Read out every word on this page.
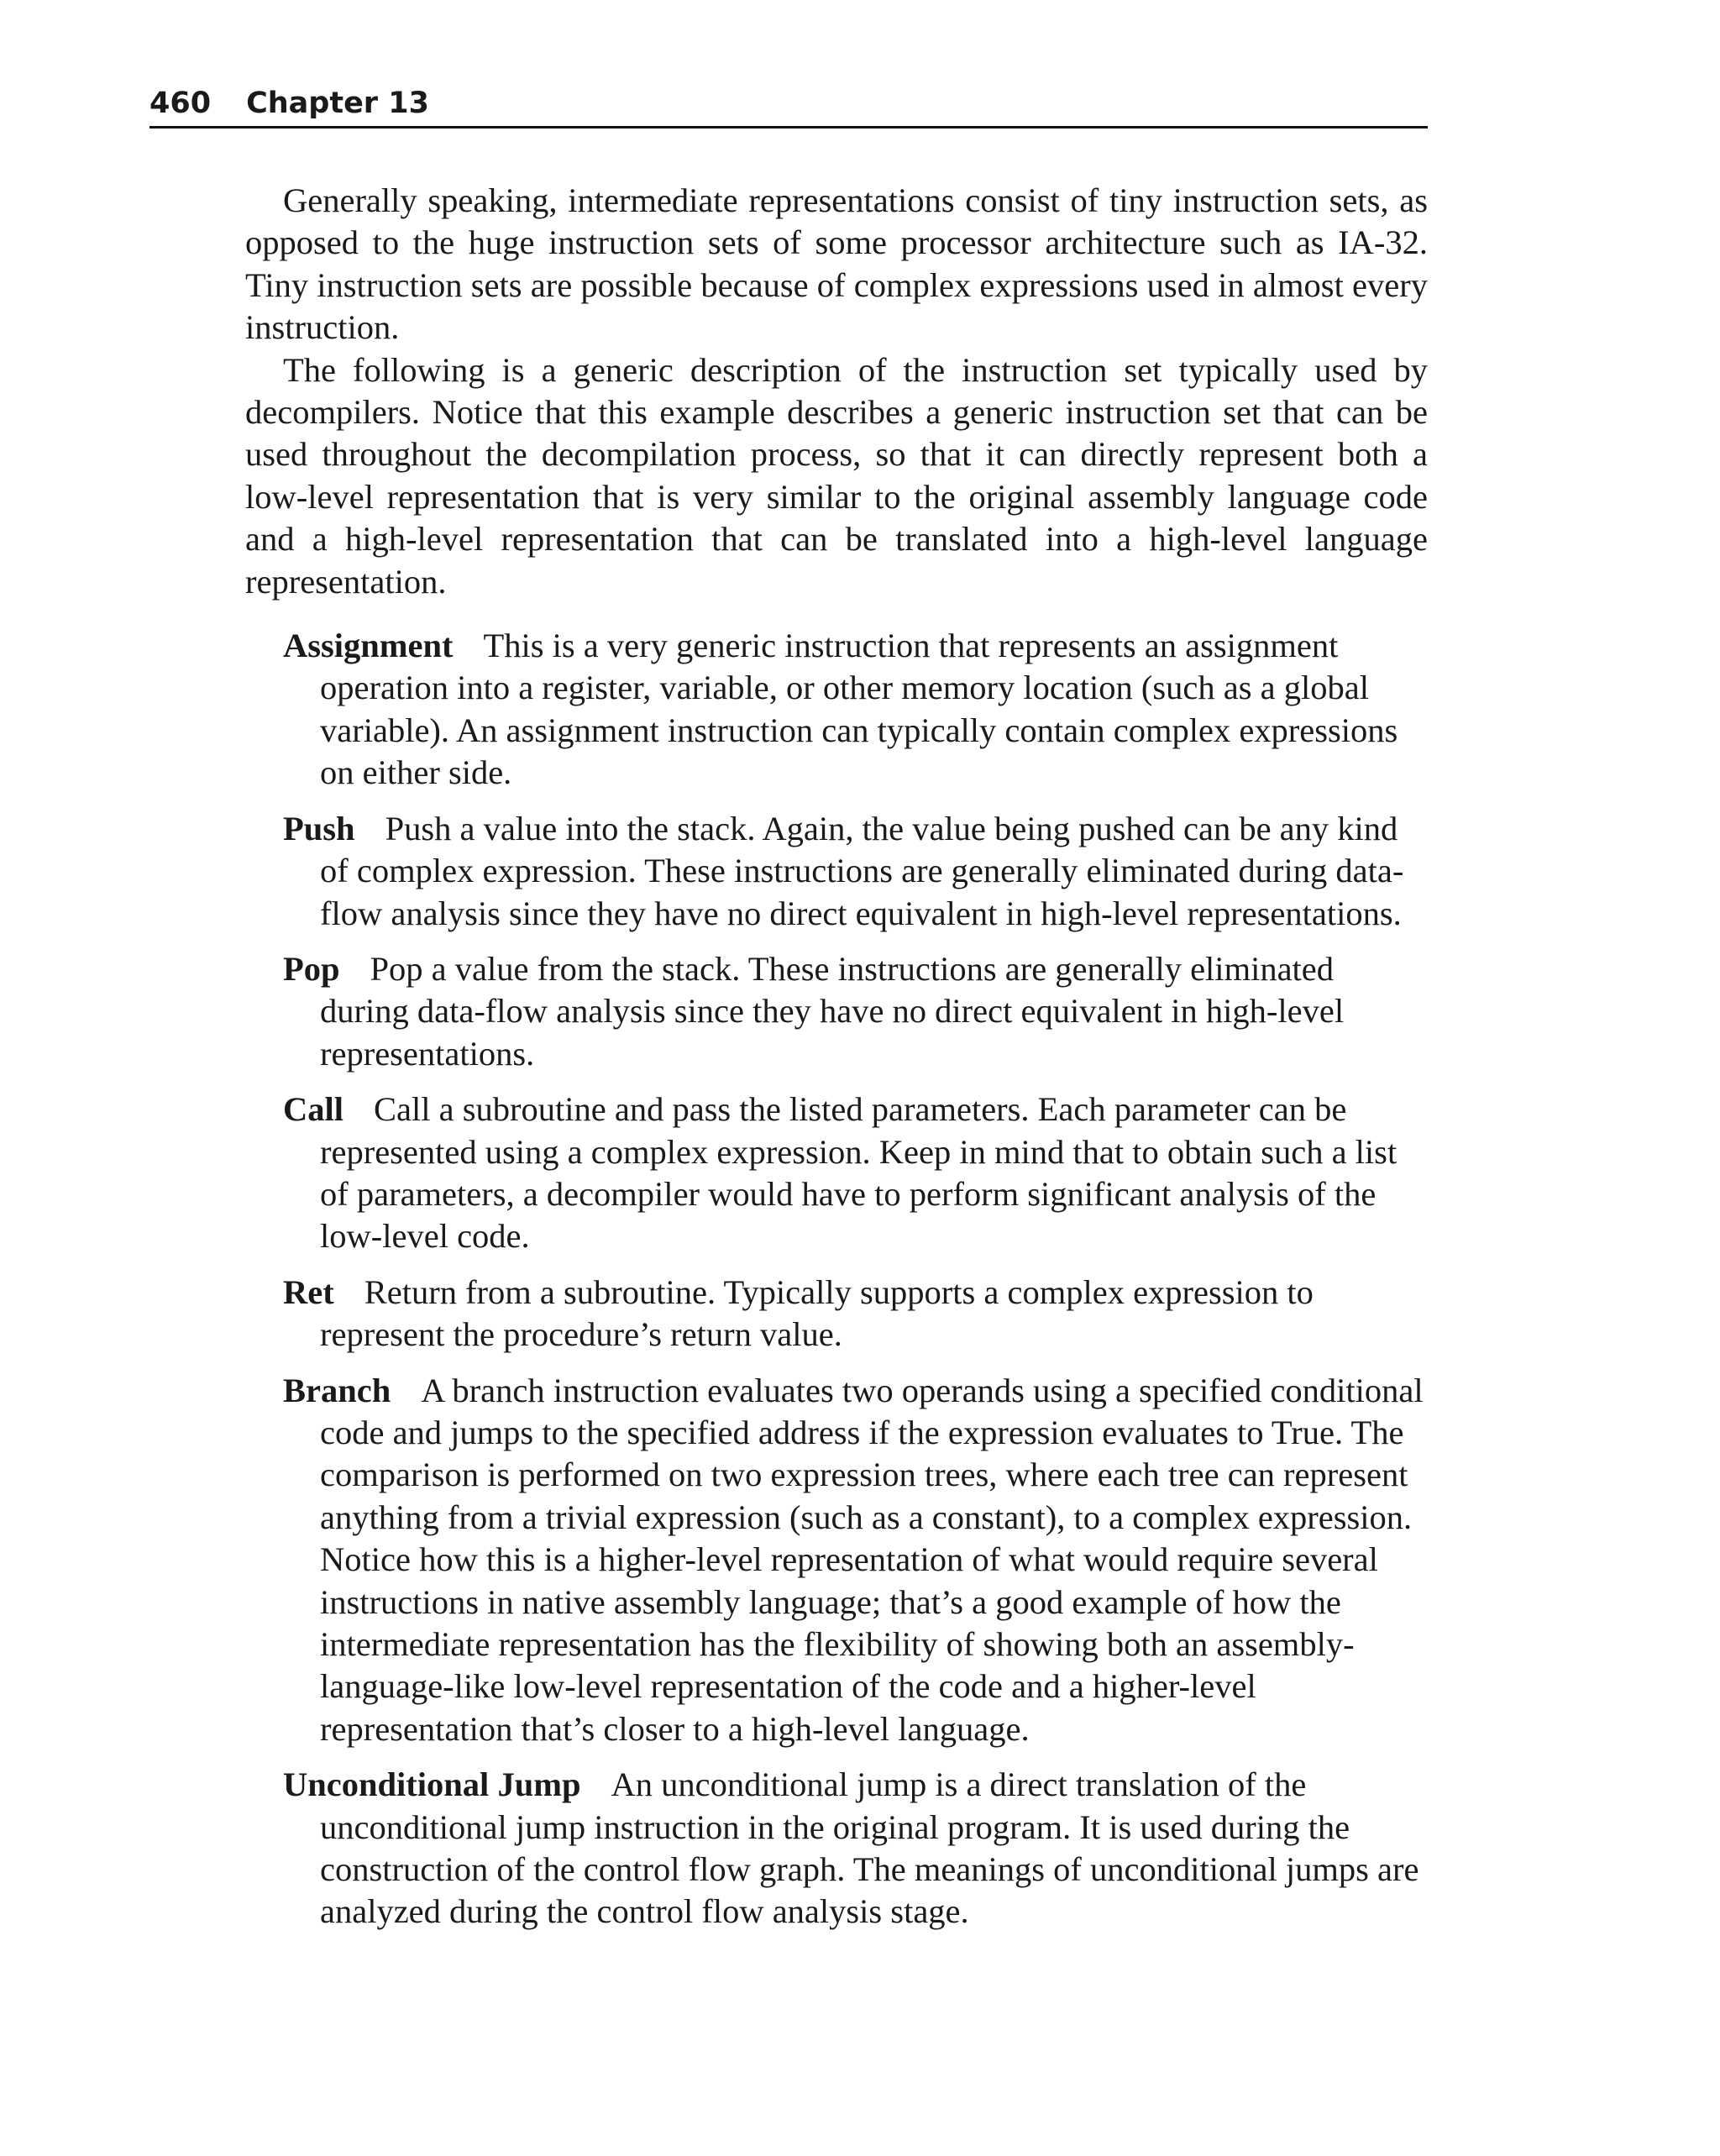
460 Chapter 13

Generally speaking, intermediate representations consist of tiny instruction sets, as opposed to the huge instruction sets of some processor architecture such as IA-32. Tiny instruction sets are possible because of complex expressions used in almost every instruction.

The following is a generic description of the instruction set typically used by decompilers. Notice that this example describes a generic instruction set that can be used throughout the decompilation process, so that it can directly represent both a low-level representation that is very similar to the original assembly language code and a high-level representation that can be translated into a high-level language representation.

Assignment This is a very generic instruction that represents an assignment operation into a register, variable, or other memory location (such as a global variable). An assignment instruction can typically contain complex expressions on either side.
Push Push a value into the stack. Again, the value being pushed can be any kind of complex expression. These instructions are generally eliminated during data-flow analysis since they have no direct equivalent in high-level representations.
Pop Pop a value from the stack. These instructions are generally eliminated during data-flow analysis since they have no direct equivalent in high-level representations.
Call Call a subroutine and pass the listed parameters. Each parameter can be represented using a complex expression. Keep in mind that to obtain such a list of parameters, a decompiler would have to perform significant analysis of the low-level code.
Ret Return from a subroutine. Typically supports a complex expression to represent the procedure’s return value.
Branch A branch instruction evaluates two operands using a specified conditional code and jumps to the specified address if the expression evaluates to True. The comparison is performed on two expression trees, where each tree can represent anything from a trivial expression (such as a constant), to a complex expression. Notice how this is a higher-level representation of what would require several instructions in native assembly language; that’s a good example of how the intermediate representation has the flexibility of showing both an assembly-language-like low-level representation of the code and a higher-level representation that’s closer to a high-level language.
Unconditional Jump An unconditional jump is a direct translation of the unconditional jump instruction in the original program. It is used during the construction of the control flow graph. The meanings of unconditional jumps are analyzed during the control flow analysis stage.
